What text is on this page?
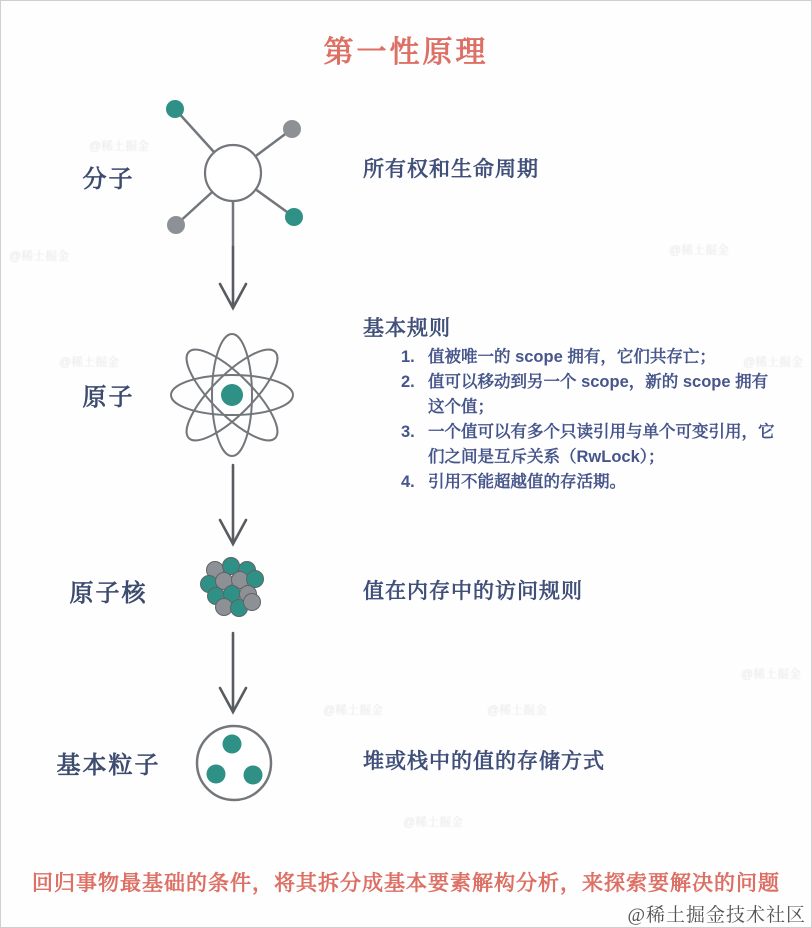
第一性原理
分子
原子
原子核
基本粒子
所有权和生命周期
基本规则
1. 值被唯一的 scope 拥有，它们共存亡；
2. 值可以移动到另一个 scope，新的 scope 拥有这个值；
3. 一个值可以有多个只读引用与单个可变引用，它们之间是互斥关系（RwLock）；
4. 引用不能超越值的存活期。
值在内存中的访问规则
堆或栈中的值的存储方式
回归事物最基础的条件，将其拆分成基本要素解构分析，来探索要解决的问题
@稀土掘金
@稀土掘金
@稀土掘金
@稀土掘金
@稀土掘金
@稀土掘金	@稀土掘金
@稀土掘金
@稀土掘金
@稀土掘金技术社区
